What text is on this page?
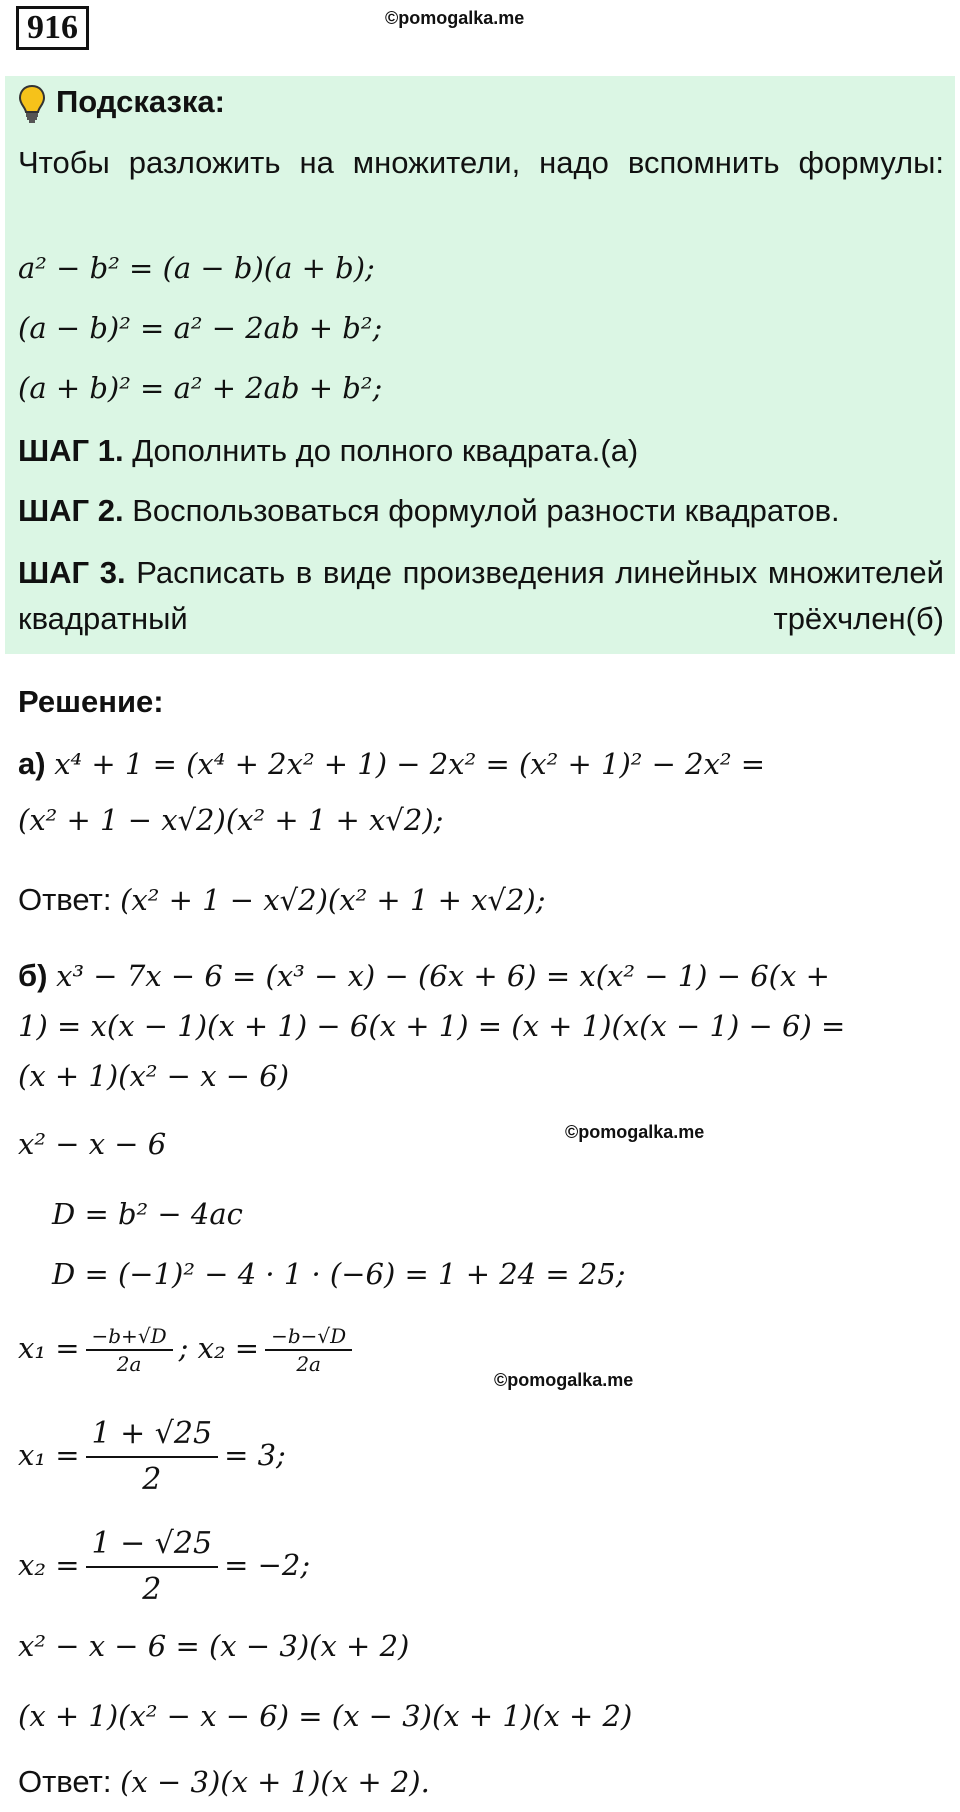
916	©pomogalka.me
Подсказка:
Чтобы разложить на множители, надо вспомнить формулы:
a² − b² = (a − b)(a + b);
(a − b)² = a² − 2ab + b²;
(a + b)² = a² + 2ab + b²;
ШАГ 1. Дополнить до полного квадрата.(а)
ШАГ 2. Воспользоваться формулой разности квадратов.
ШАГ 3. Расписать в виде произведения линейных множителей квадратный трёхчлен(б)
Решение:
а) x⁴ + 1 = (x⁴ + 2x² + 1) − 2x² = (x² + 1)² − 2x² =
(x² + 1 − x√2)(x² + 1 + x√2);
Ответ: (x² + 1 − x√2)(x² + 1 + x√2);
б) x³ − 7x − 6 = (x³ − x) − (6x + 6) = x(x² − 1) − 6(x +
1) = x(x − 1)(x + 1) − 6(x + 1) = (x + 1)(x(x − 1) − 6) =
(x + 1)(x² − x − 6)
x² − x − 6	©pomogalka.me
D = b² − 4ac
D = (−1)² − 4 · 1 · (−6) = 1 + 24 = 25;
$x_1 = \frac{-b+√D}{2a}$ ; $x_2 = \frac{-b-√D}{2a}$
©pomogalka.me
$x_1 = \frac{1 + √25}{2} = 3$;
$x_2 = \frac{1 - √25}{2} = -2$;
x² − x − 6 = (x − 3)(x + 2)
(x + 1)(x² − x − 6) = (x − 3)(x + 1)(x + 2)
Ответ: (x − 3)(x + 1)(x + 2).
